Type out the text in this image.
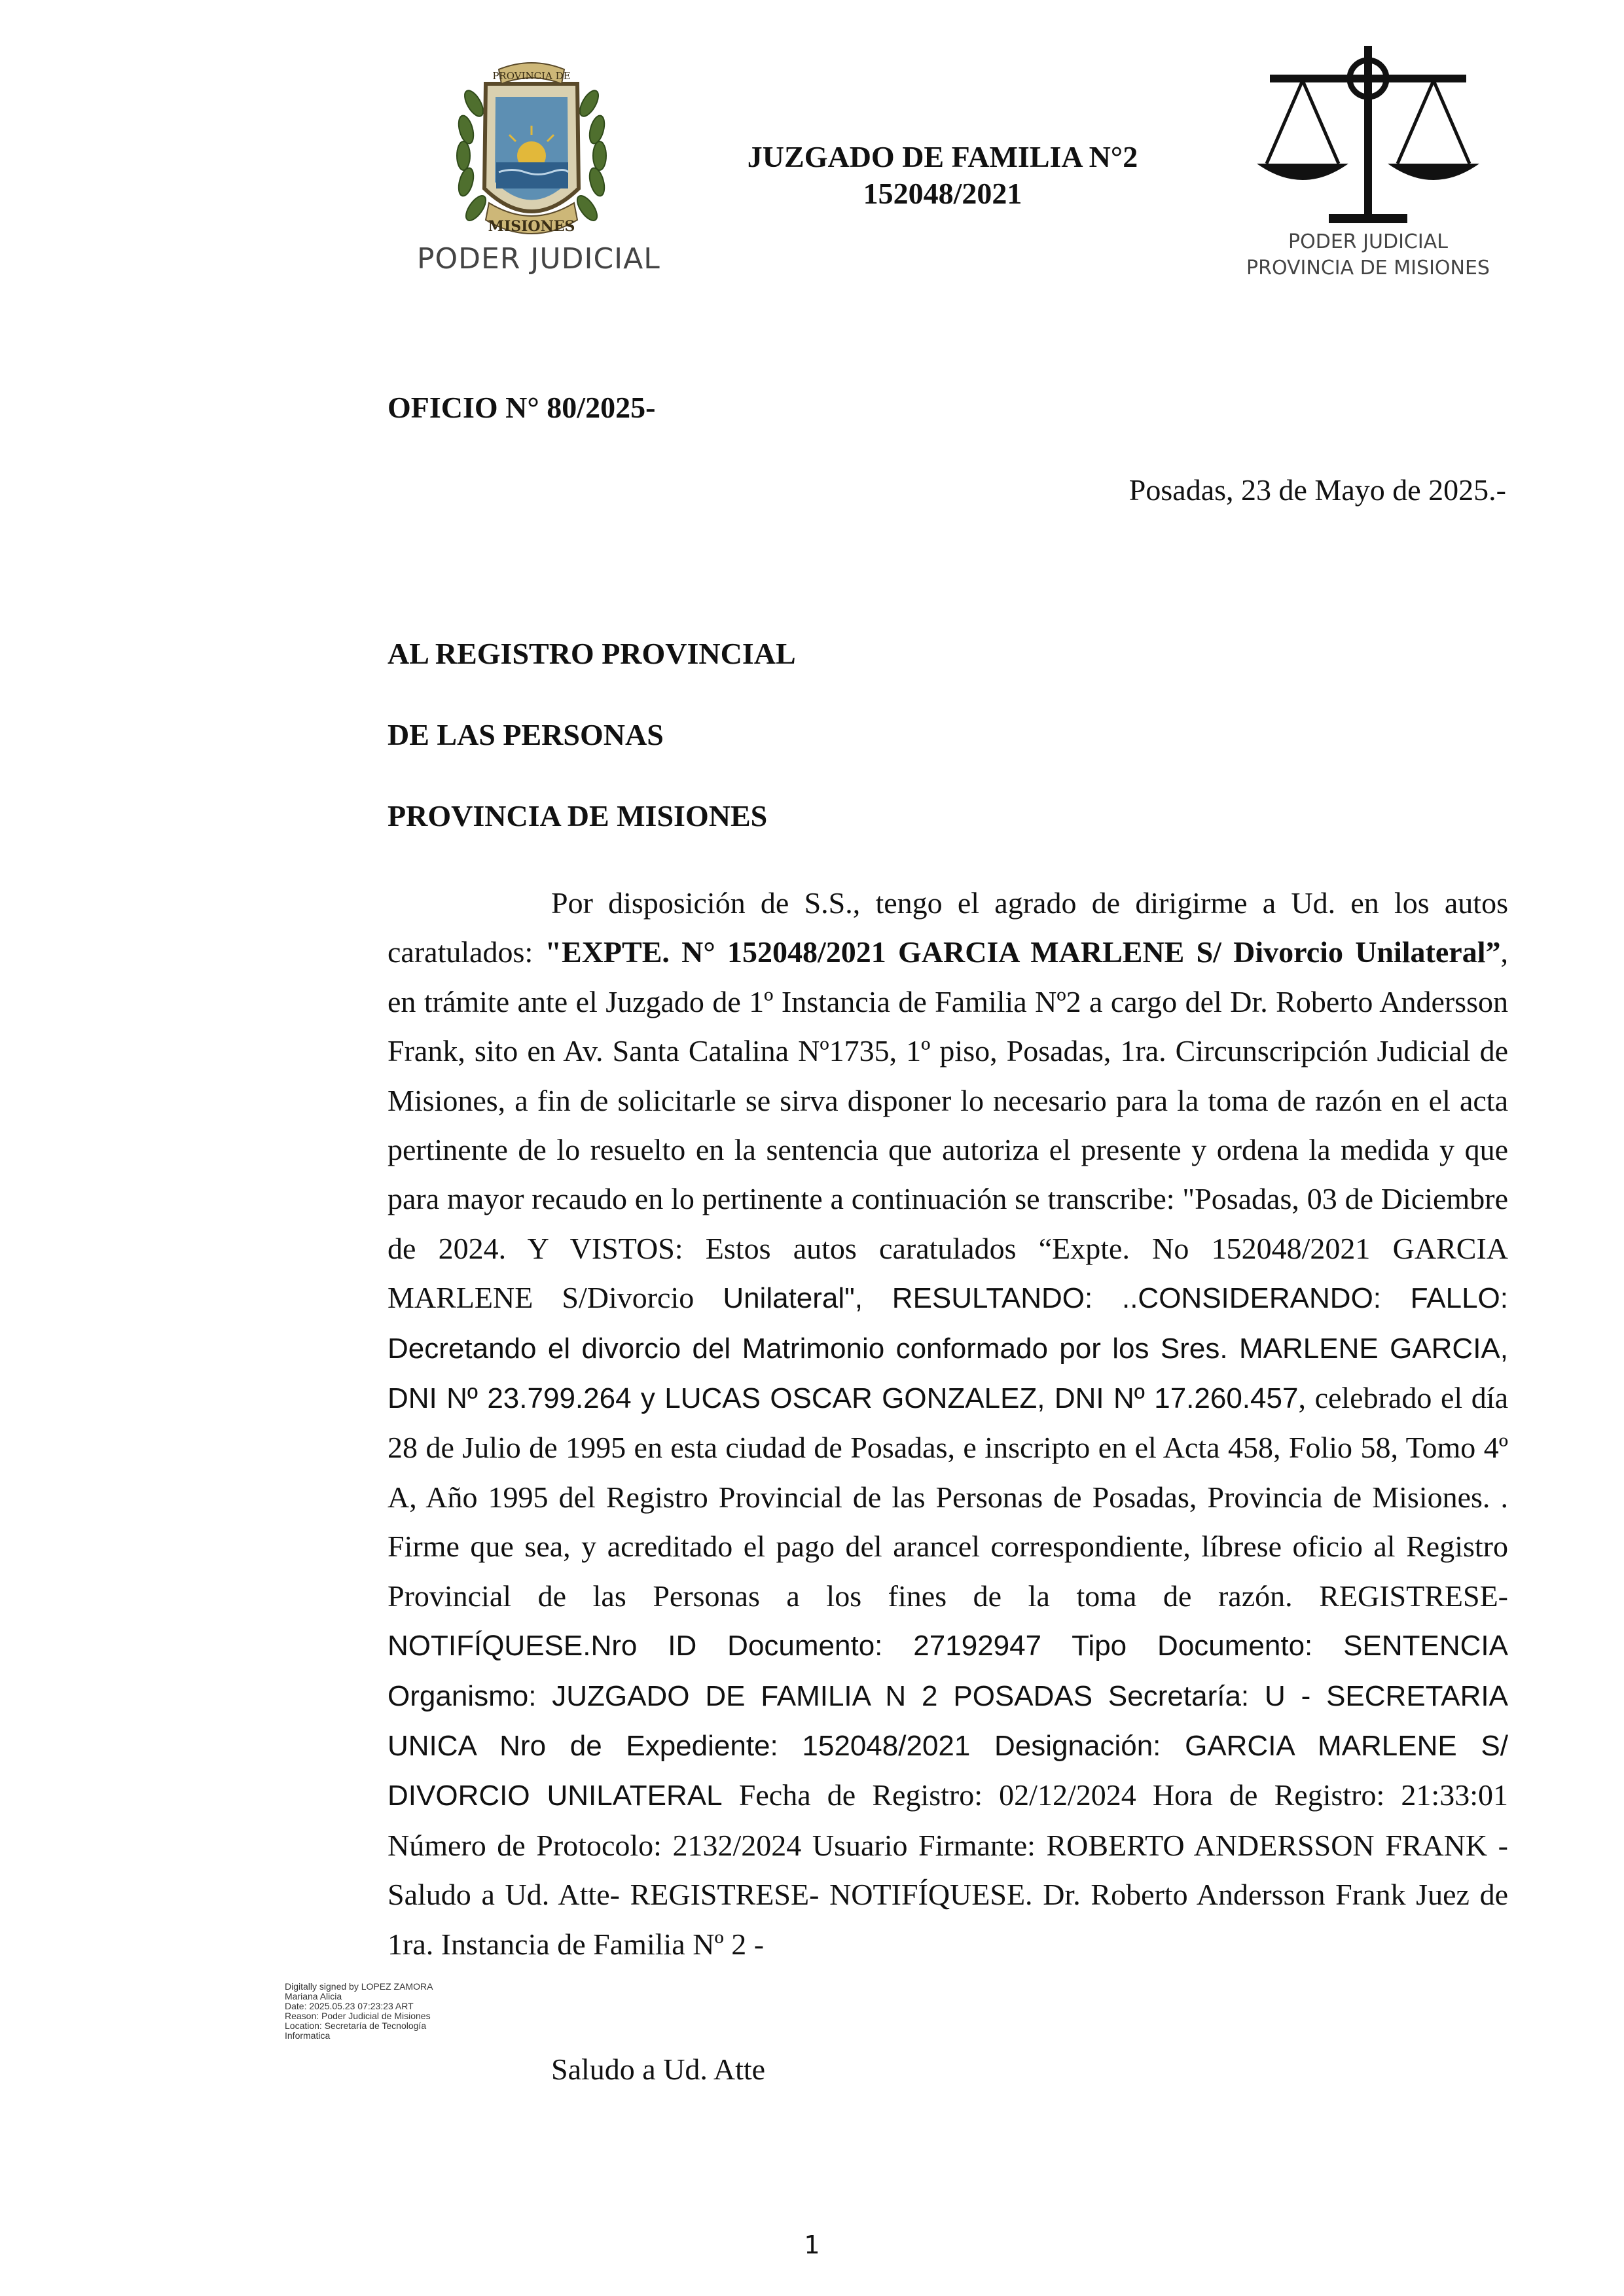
PROVINCIA DE
MISIONES
PODER JUDICIAL
JUZGADO DE FAMILIA N°2
152048/2021
PODER JUDICIAL
PROVINCIA DE MISIONES
OFICIO N° 80/2025-
Posadas, 23 de Mayo de 2025.-
AL REGISTRO PROVINCIAL
DE LAS PERSONAS
PROVINCIA DE MISIONES

Por disposición de S.S., tengo el agrado de dirigirme a Ud. en los autos caratulados: "EXPTE. N° 152048/2021 GARCIA MARLENE S/ Divorcio Unilateral”, en trámite ante el Juzgado de 1º Instancia de Familia Nº2 a cargo del Dr. Roberto Andersson Frank, sito en Av. Santa Catalina Nº1735, 1º piso, Posadas, 1ra. Circunscripción Judicial de Misiones, a fin de solicitarle se sirva disponer lo necesario para la toma de razón en el acta pertinente de lo resuelto en la sentencia que autoriza el presente y ordena la medida y que para mayor recaudo en lo pertinente a continuación se transcribe: "Posadas, 03 de Diciembre de 2024. Y VISTOS: Estos autos caratulados “Expte. No 152048/2021 GARCIA MARLENE S/Divorcio Unilateral", RESULTANDO: ..CONSIDERANDO: FALLO: Decretando el divorcio del Matrimonio conformado por los Sres. MARLENE GARCIA, DNI Nº 23.799.264 y LUCAS OSCAR GONZALEZ, DNI Nº 17.260.457, celebrado el día 28 de Julio de 1995 en esta ciudad de Posadas, e inscripto en el Acta 458, Folio 58, Tomo 4º A, Año 1995 del Registro Provincial de las Personas de Posadas, Provincia de Misiones. . Firme que sea, y acreditado el pago del arancel correspondiente, líbrese oficio al Registro Provincial de las Personas a los fines de la toma de razón. REGISTRESE- NOTIFÍQUESE.Nro ID Documento: 27192947 Tipo Documento: SENTENCIA Organismo: JUZGADO DE FAMILIA N 2 POSADAS Secretaría: U - SECRETARIA UNICA Nro de Expediente: 152048/2021 Designación: GARCIA MARLENE S/ DIVORCIO UNILATERAL Fecha de Registro: 02/12/2024 Hora de Registro: 21:33:01 Número de Protocolo: 2132/2024 Usuario Firmante: ROBERTO ANDERSSON FRANK - Saludo a Ud. Atte- REGISTRESE- NOTIFÍQUESE. Dr. Roberto Andersson Frank Juez de 1ra. Instancia de Familia Nº 2 -

Digitally signed by LOPEZ ZAMORA
Mariana Alicia
Date: 2025.05.23 07:23:23 ART
Reason: Poder Judicial de Misiones
Location: Secretaría de Tecnología
Informatica
Saludo a Ud. Atte
1
